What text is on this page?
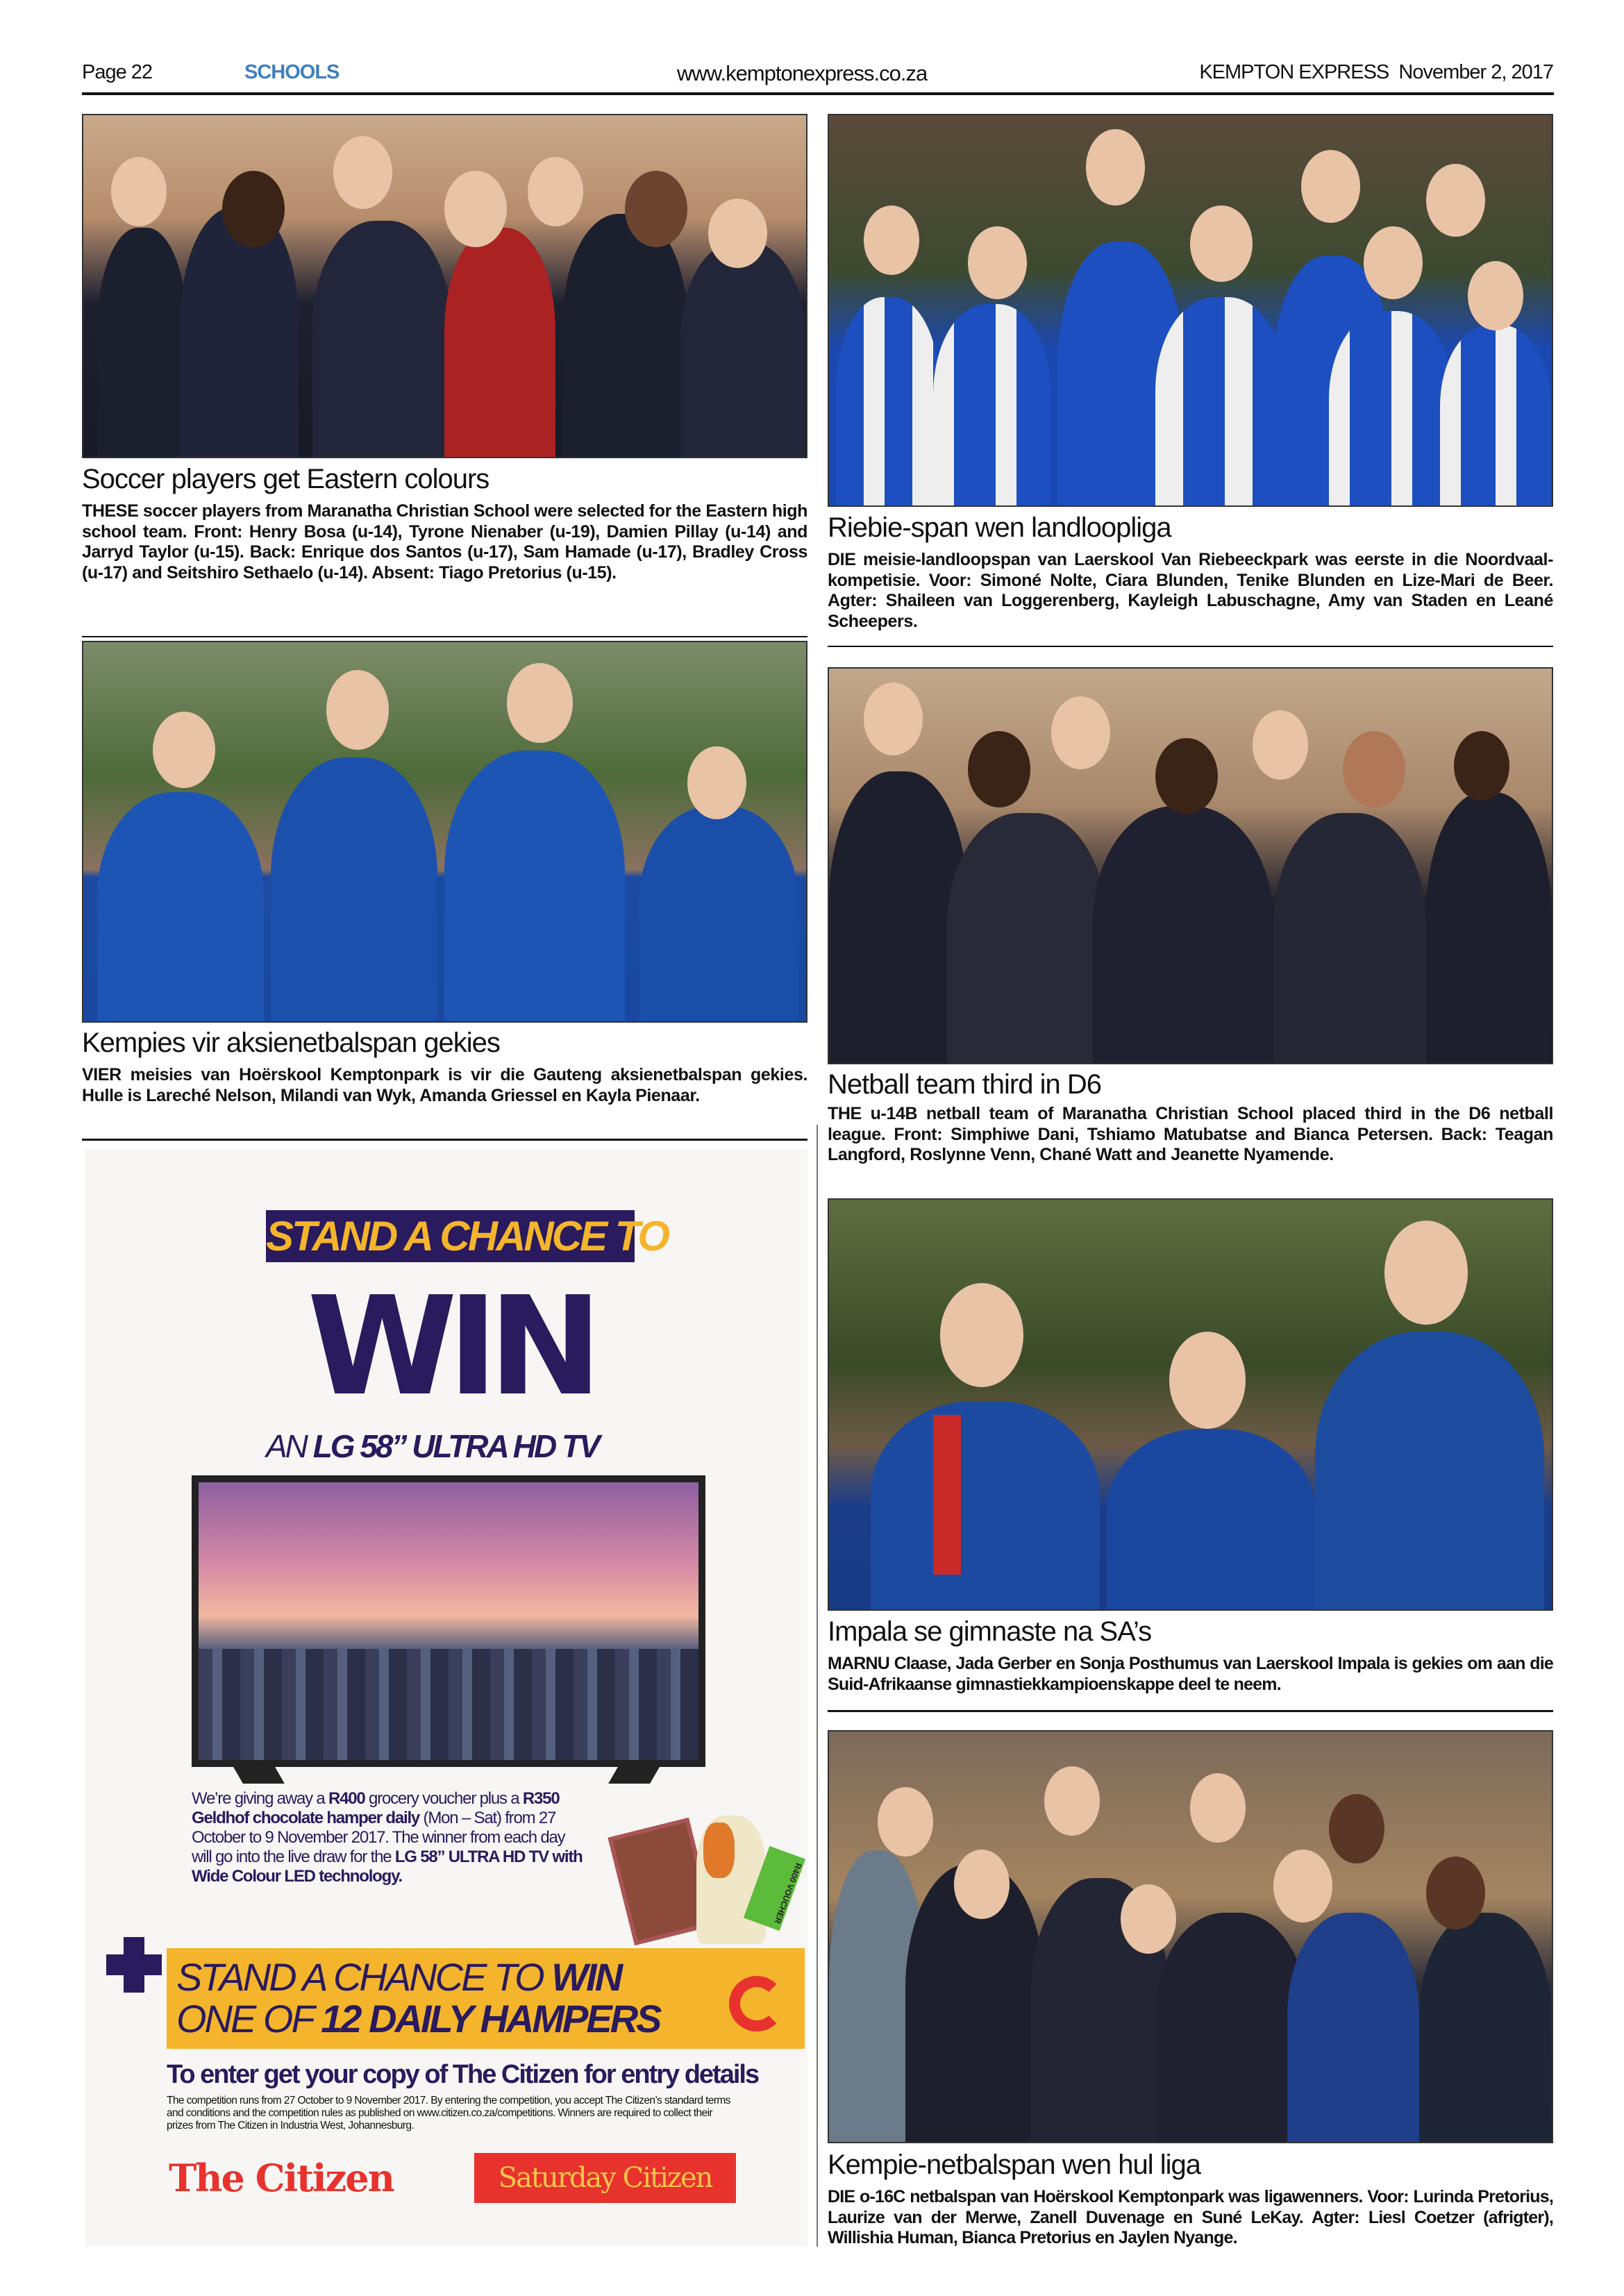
Page 22	SCHOOLS	www.kemptonexpress.co.za	KEMPTON EXPRESS November 2, 2017
Soccer players get Eastern colours
THESE soccer players from Maranatha Christian School were selected for the Eastern high school team. Front: Henry Bosa (u-14), Tyrone Nienaber (u-19), Damien Pillay (u-14) and Jarryd Taylor (u-15). Back: Enrique dos Santos (u-17), Sam Hamade (u-17), Bradley Cross (u-17) and Seitshiro Sethaelo (u-14). Absent: Tiago Pretorius (u-15).
Kempies vir aksienetbalspan gekies
VIER meisies van Hoërskool Kemptonpark is vir die Gauteng aksienetbalspan gekies. Hulle is Lareché Nelson, Milandi van Wyk, Amanda Griessel en Kayla Pienaar.
STAND A CHANCE TO
WIN
AN LG 58” ULTRA HD TV
We’re giving away a R400 grocery voucher plus a R350 Geldhof chocolate hamper daily (Mon – Sat) from 27 October to 9 November 2017. The winner from each day will go into the live draw for the LG 58” ULTRA HD TV with Wide Colour LED technology.	R400 VOUCHER
STAND A CHANCE TO WIN
ONE OF 12 DAILY HAMPERS
To enter get your copy of The Citizen for entry details
The competition runs from 27 October to 9 November 2017. By entering the competition, you accept The Citizen’s standard terms and conditions and the competition rules as published on www.citizen.co.za/competitions. Winners are required to collect their prizes from The Citizen in Industria West, Johannesburg.
The Citizen	Saturday Citizen
Riebie-span wen landloopliga
DIE meisie-landloopspan van Laerskool Van Riebeeckpark was eerste in die Noordvaal-kompetisie. Voor: Simoné Nolte, Ciara Blunden, Tenike Blunden en Lize-Mari de Beer. Agter: Shaileen van Loggerenberg, Kayleigh Labuschagne, Amy van Staden en Leané Scheepers.
Netball team third in D6
THE u-14B netball team of Maranatha Christian School placed third in the D6 netball league. Front: Simphiwe Dani, Tshiamo Matubatse and Bianca Petersen. Back: Teagan Langford, Roslynne Venn, Chané Watt and Jeanette Nyamende.
Impala se gimnaste na SA’s
MARNU Claase, Jada Gerber en Sonja Posthumus van Laerskool Impala is gekies om aan die Suid-Afrikaanse gimnastiekkampioenskappe deel te neem.
Kempie-netbalspan wen hul liga
DIE o-16C netbalspan van Hoërskool Kemptonpark was ligawenners. Voor: Lurinda Pretorius, Laurize van der Merwe, Zanell Duvenage en Suné LeKay. Agter: Liesl Coetzer (afrigter), Willishia Human, Bianca Pretorius en Jaylen Nyange.
